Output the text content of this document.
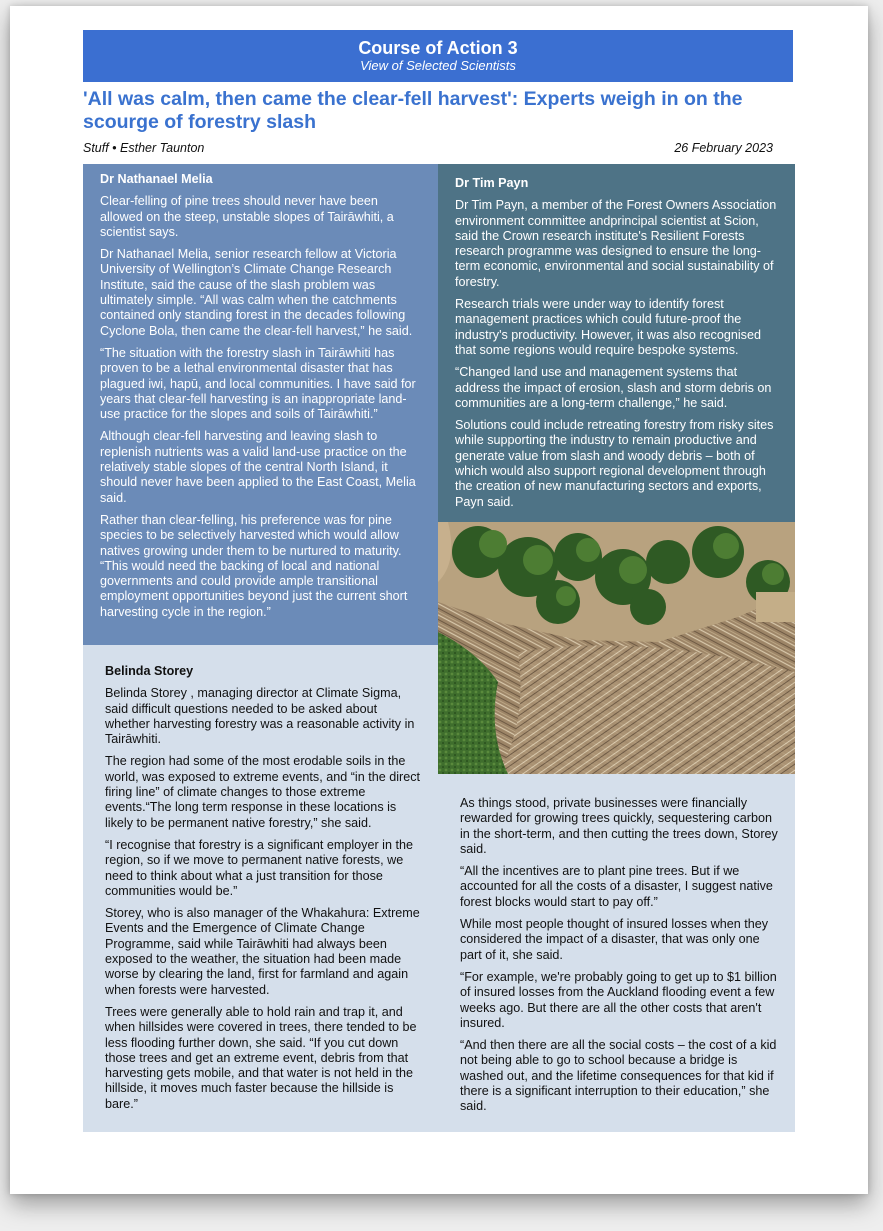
Course of Action 3
View of Selected Scientists
'All was calm, then came the clear-fell harvest': Experts weigh in on the scourge of forestry slash
Stuff • Esther Taunton	26 February 2023
Dr Nathanael Melia

Clear-felling of pine trees should never have been allowed on the steep, unstable slopes of Tairāwhiti, a scientist says.

Dr Nathanael Melia, senior research fellow at Victoria University of Wellington’s Climate Change Research Institute, said the cause of the slash problem was ultimately simple. “All was calm when the catchments contained only standing forest in the decades following Cyclone Bola, then came the clear-fell harvest,” he said.

“The situation with the forestry slash in Tairāwhiti has proven to be a lethal environmental disaster that has plagued iwi, hapū, and local communities. I have said for years that clear-fell harvesting is an inappropriate land-use practice for the slopes and soils of Tairāwhiti.”

Although clear-fell harvesting and leaving slash to replenish nutrients was a valid land-use practice on the relatively stable slopes of the central North Island, it should never have been applied to the East Coast, Melia said.

Rather than clear-felling, his preference was for pine species to be selectively harvested which would allow natives growing under them to be nurtured to maturity. “This would need the backing of local and national governments and could provide ample transitional employment opportunities beyond just the current short harvesting cycle in the region.”

Dr Tim Payn

Dr Tim Payn, a member of the Forest Owners Association environment committee andprincipal scientist at Scion, said the Crown research institute's Resilient Forests research programme was designed to ensure the long-term economic, environmental and social sustainability of forestry.

Research trials were under way to identify forest management practices which could future-proof the industry's productivity. However, it was also recognised that some regions would require bespoke systems.

“Changed land use and management systems that address the impact of erosion, slash and storm debris on communities are a long-term challenge,” he said.

Solutions could include retreating forestry from risky sites while supporting the industry to remain productive and generate value from slash and woody debris – both of which would also support regional development through the creation of new manufacturing sectors and exports, Payn said.

Belinda Storey

Belinda Storey , managing director at Climate Sigma, said difficult questions needed to be asked about whether harvesting forestry was a reasonable activity in Tairāwhiti.

The region had some of the most erodable soils in the world, was exposed to extreme events, and “in the direct firing line” of climate changes to those extreme events.“The long term response in these locations is likely to be permanent native forestry,” she said.

“I recognise that forestry is a significant employer in the region, so if we move to permanent native forests, we need to think about what a just transition for those communities would be.”

Storey, who is also manager of the Whakahura: Extreme Events and the Emergence of Climate Change Programme, said while Tairāwhiti had always been exposed to the weather, the situation had been made worse by clearing the land, first for farmland and again when forests were harvested.

Trees were generally able to hold rain and trap it, and when hillsides were covered in trees, there tended to be less flooding further down, she said. “If you cut down those trees and get an extreme event, debris from that harvesting gets mobile, and that water is not held in the hillside, it moves much faster because the hillside is bare.”

As things stood, private businesses were financially rewarded for growing trees quickly, sequestering carbon in the short-term, and then cutting the trees down, Storey said.

“All the incentives are to plant pine trees. But if we accounted for all the costs of a disaster, I suggest native forest blocks would start to pay off.”

While most people thought of insured losses when they considered the impact of a disaster, that was only one part of it, she said.

“For example, we're probably going to get up to $1 billion of insured losses from the Auckland flooding event a few weeks ago. But there are all the other costs that aren't insured.

“And then there are all the social costs – the cost of a kid not being able to go to school because a bridge is washed out, and the lifetime consequences for that kid if there is a significant interruption to their education,” she said.
